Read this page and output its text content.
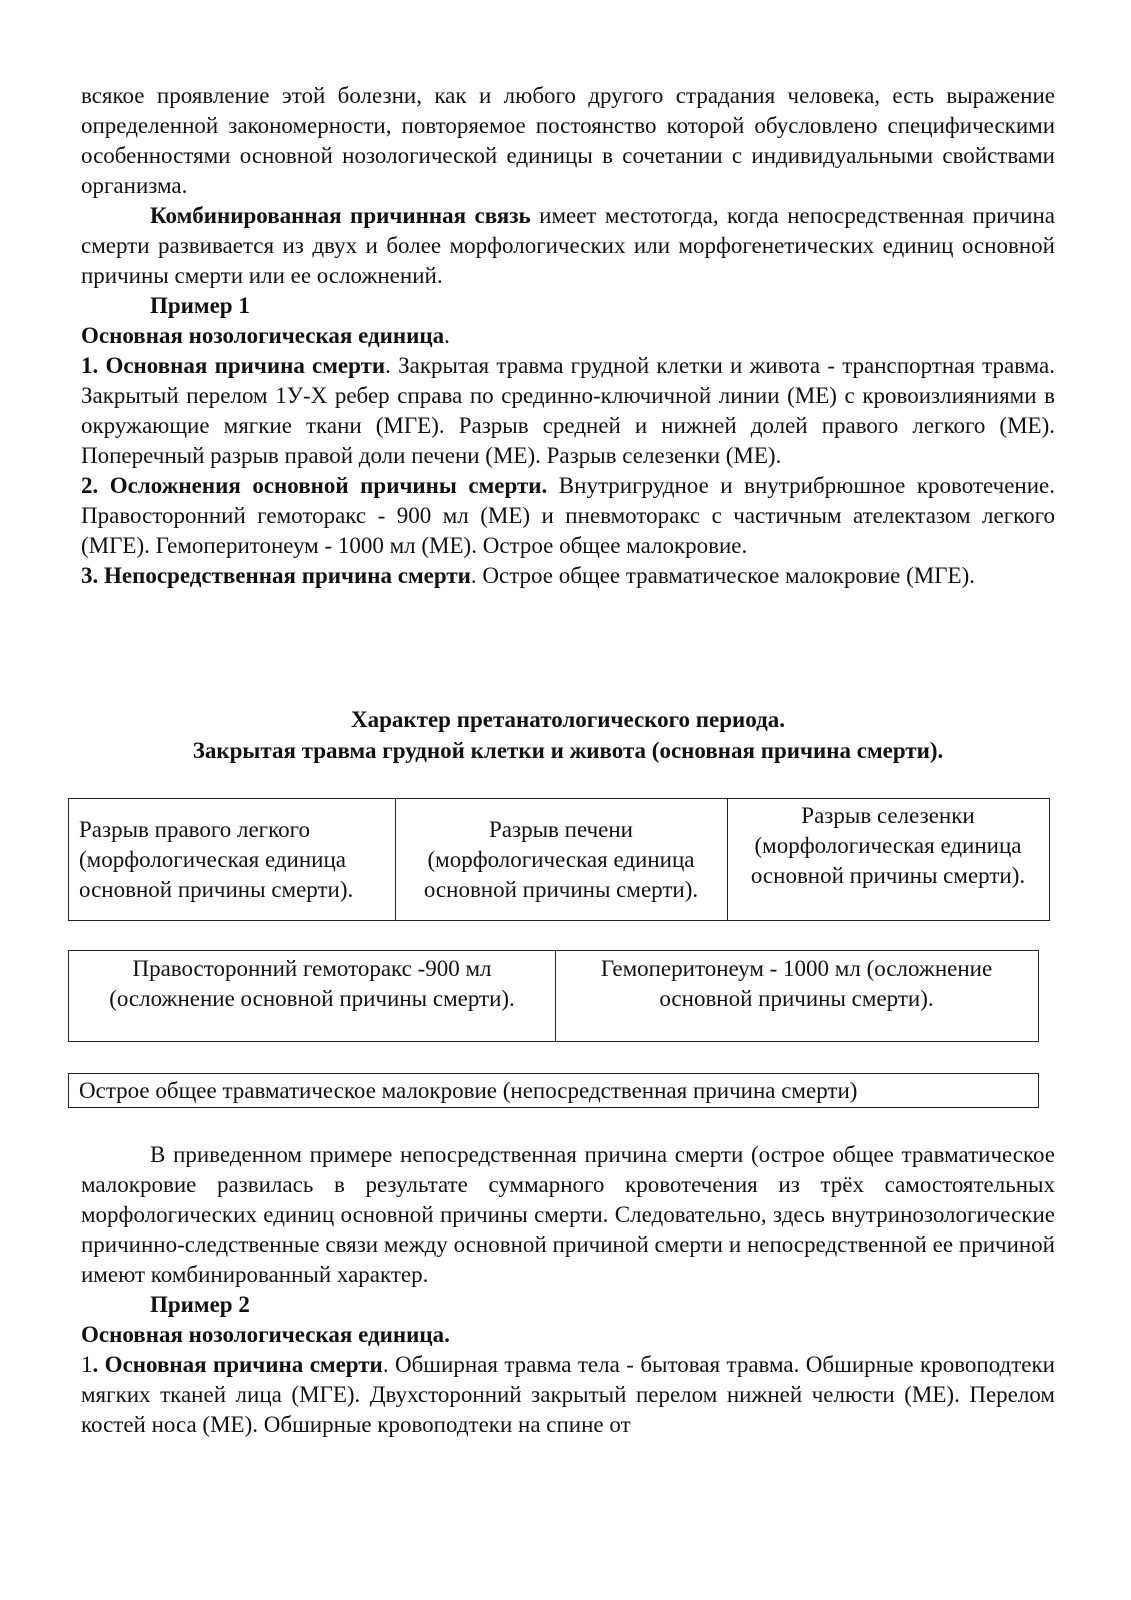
всякое проявление этой болезни, как и любого другого страдания человека, есть выражение определенной закономерности, повторяемое постоянство которой обусловлено специфическими особенностями основной нозологической единицы в сочетании с индивидуальными свойствами организма.

Комбинированная причинная связь имеет местотогда, когда непосредственная причина смерти развивается из двух и более морфологических или морфогенетических единиц основной причины смерти или ее осложнений.

Пример 1

Основная нозологическая единица.

1. Основная причина смерти. Закрытая травма грудной клетки и живота - транспортная травма. Закрытый перелом 1У-Х ребер справа по срединно-ключичной линии (МЕ) с кровоизлияниями в окружающие мягкие ткани (МГЕ). Разрыв средней и нижней долей правого легкого (МЕ). Поперечный разрыв правой доли печени (МЕ). Разрыв селезенки (МЕ).

2. Осложнения основной причины смерти. Внутригрудное и внутрибрюшное кровотечение. Правосторонний гемоторакс - 900 мл (МЕ) и пневмоторакс с частичным ателектазом легкого (МГЕ). Гемоперитонеум - 1000 мл (МЕ). Острое общее малокровие.

3. Непосредственная причина смерти. Острое общее травматическое малокровие (МГЕ).

Характер претанатологического периода.

Закрытая травма грудной клетки и живота (основная причина смерти).

Разрыв правого легкого (морфологическая единица основной причины смерти).
Разрыв печени (морфологическая единица основной причины смерти).
Разрыв селезенки (морфологическая единица основной причины смерти).
Правосторонний гемоторакс -900 мл (осложнение основной причины смерти).
Гемоперитонеум - 1000 мл (осложнение основной причины смерти).
Острое общее травматическое малокровие (непосредственная причина смерти)

В приведенном примере непосредственная причина смерти (острое общее травматическое малокровие развилась в результате суммарного кровотечения из трёх самостоятельных морфологических единиц основной причины смерти. Следовательно, здесь внутринозологические причинно-следственные связи между основной причиной смерти и непосредственной ее причиной имеют комбинированный характер.

Пример 2

Основная нозологическая единица.

1. Основная причина смерти. Обширная травма тела - бытовая травма. Обширные кровоподтеки мягких тканей лица (МГЕ). Двухсторонний закрытый перелом нижней челюсти (МЕ). Перелом костей носа (МЕ). Обширные кровоподтеки на спине от
